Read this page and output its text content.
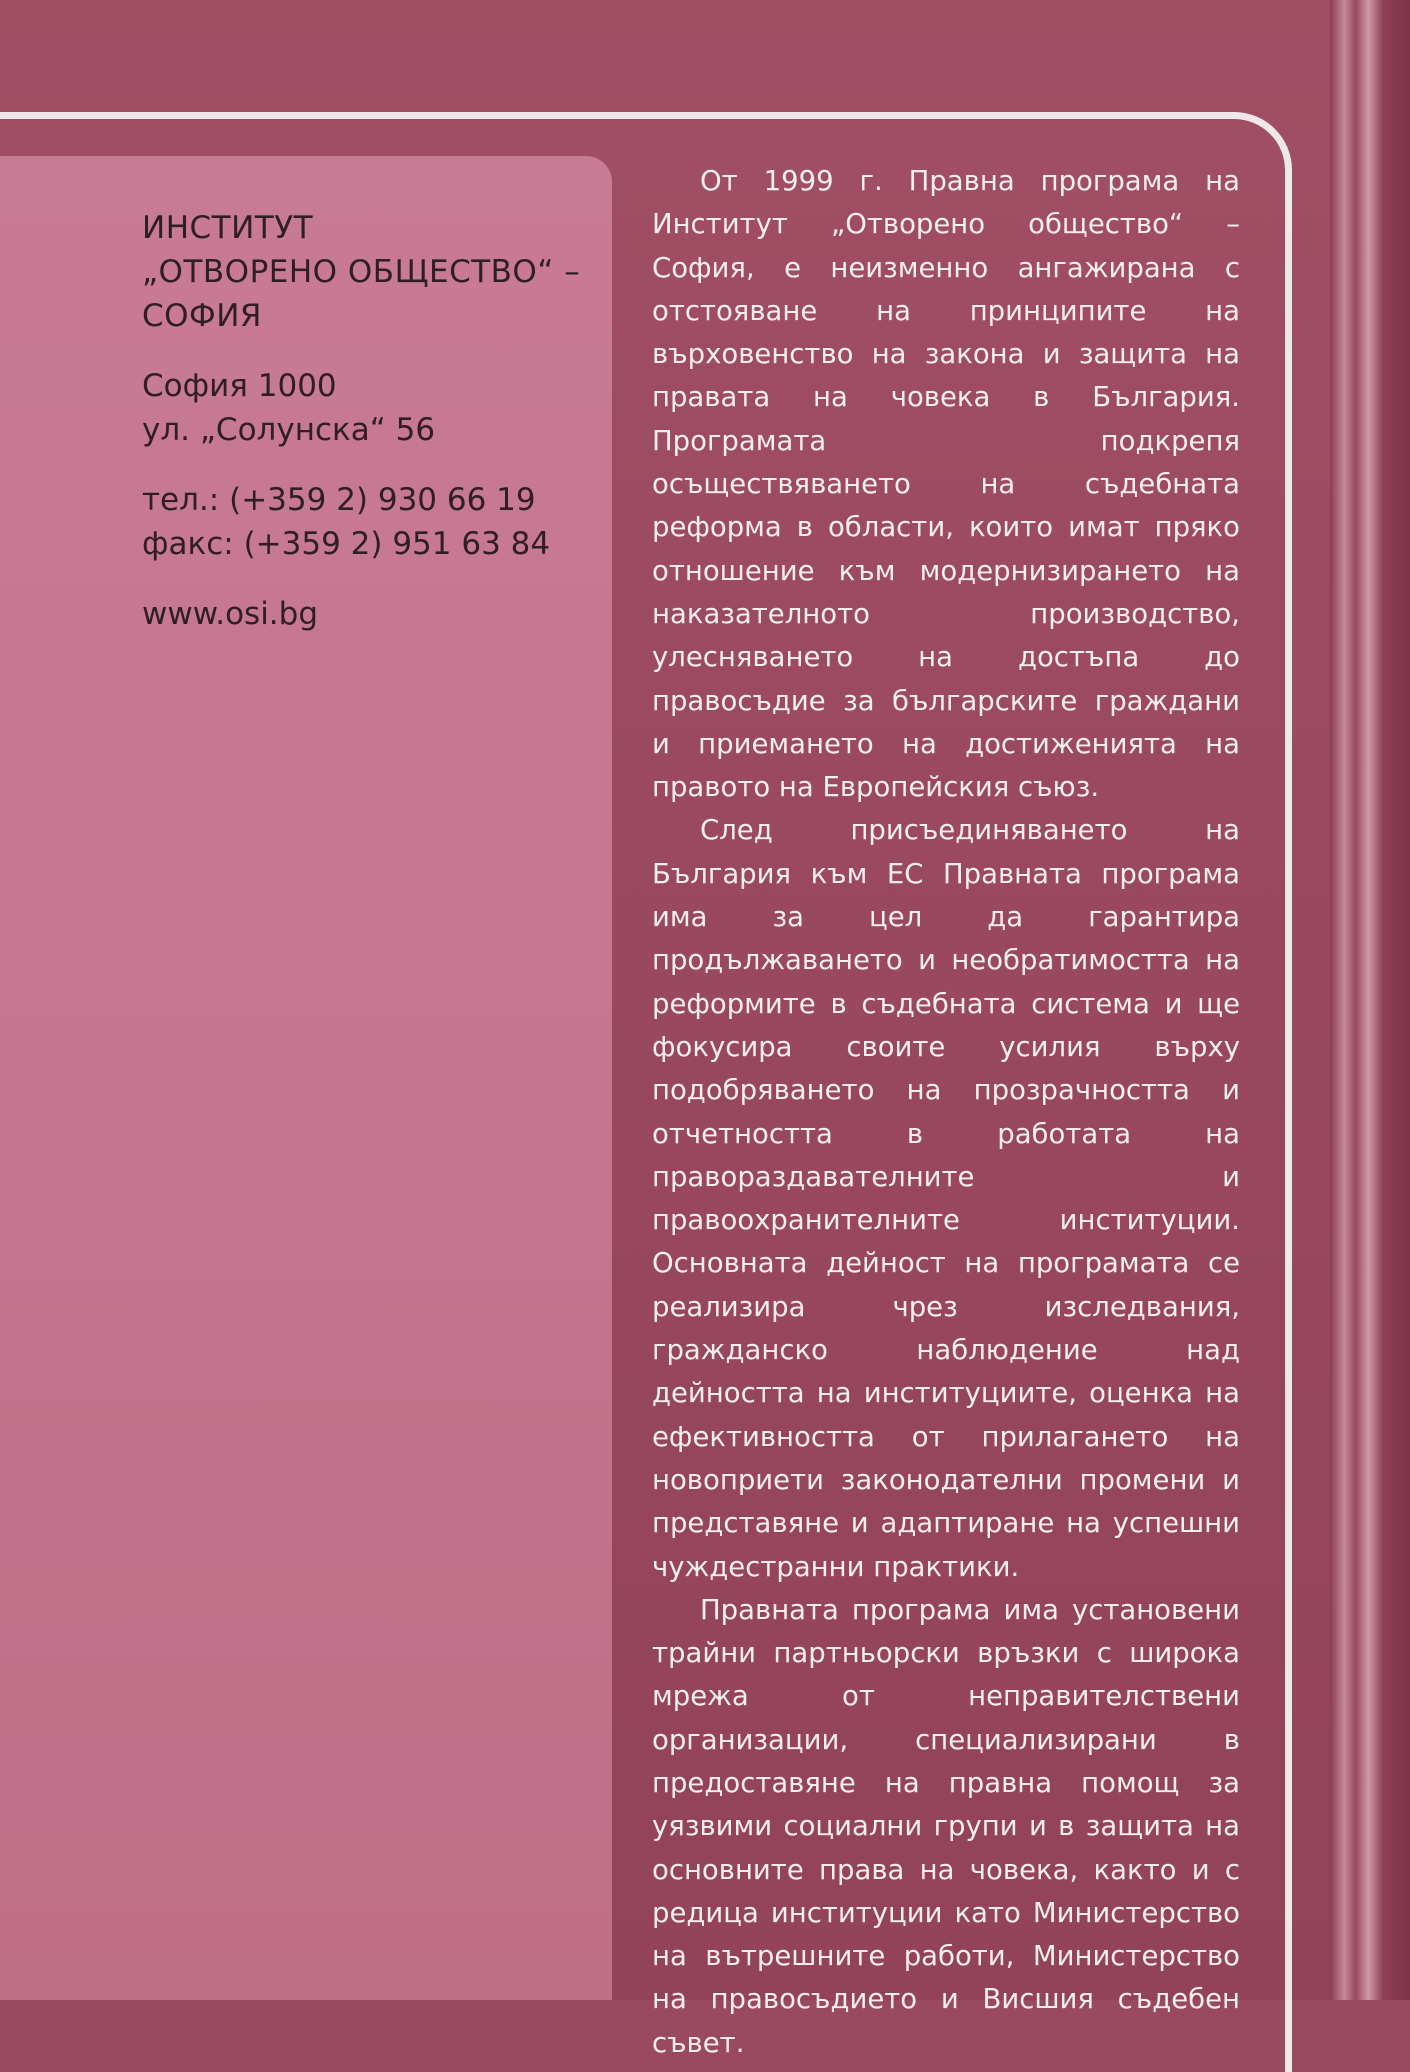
ИНСТИТУТ
„ОТВОРЕНО ОБЩЕСТВО“ –
СОФИЯ
София 1000
ул. „Солунска“ 56
тел.: (+359 2) 930 66 19
факс: (+359 2) 951 63 84
www.osi.bg

От 1999 г. Правна програма на Институт „Отворено общество“ – София, е неизменно ангажирана с отстояване на принципите на върховенство на закона и защита на правата на човека в България. Програмата подкрепя осъществяването на съдебната реформа в области, които имат пряко отношение към модернизирането на наказателното производство, улесняването на достъпа до правосъдие за българските граждани и приемането на достиженията на правото на Европейския съюз.

След присъединяването на България към ЕС Правната програма има за цел да гарантира продължаването и необратимостта на реформите в съдебната система и ще фокусира своите усилия върху подобряването на прозрачността и отчетността в работата на правораздавателните и правоохранителните институции. Основната дейност на програмата се реализира чрез изследвания, гражданско наблюдение над дейността на институциите, оценка на ефективността от прилагането на новоприети законодателни промени и представяне и адаптиране на успешни чуждестранни практики.

Правната програма има установени трайни партньорски връзки с широка мрежа от неправителствени организации, специализирани в предоставяне на правна помощ за уязвими социални групи и в защита на основните права на човека, както и с редица институции като Министерство на вътрешните работи, Министерство на правосъдието и Висшия съдебен съвет.
